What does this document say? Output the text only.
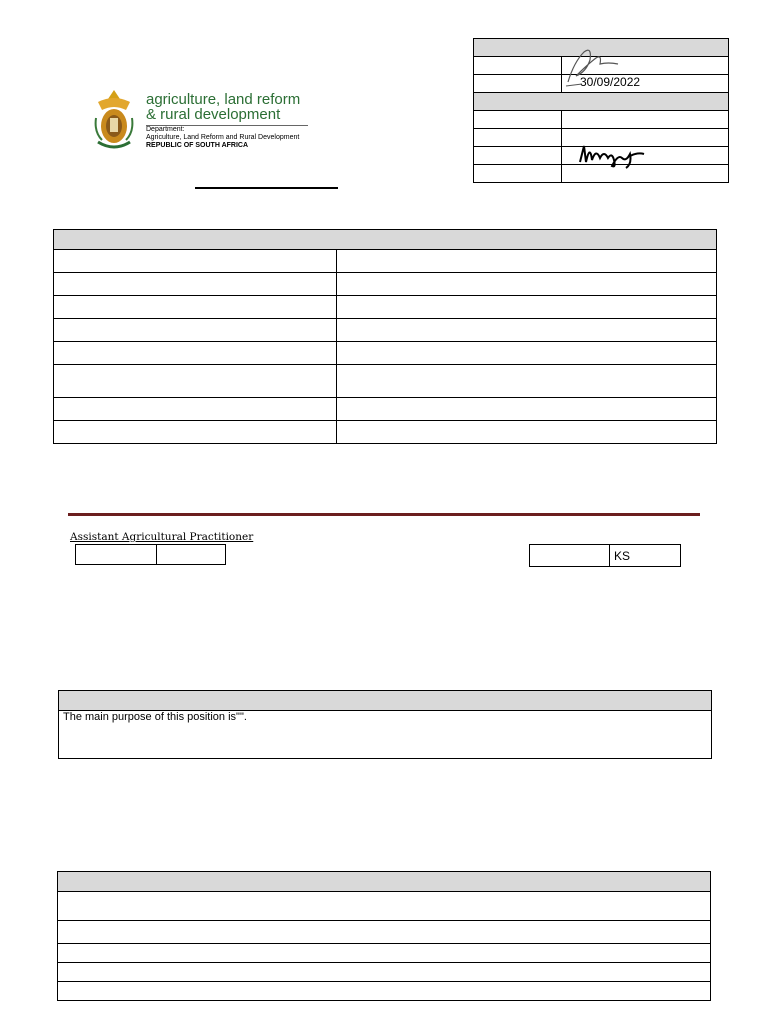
agriculture, land reform
& rural development
Department:
Agriculture, Land Reform and Rural Development
REPUBLIC OF SOUTH AFRICA

	30/09/2022

Assistant Agricultural Practitioner

	KS

The main purpose of this position is"".
